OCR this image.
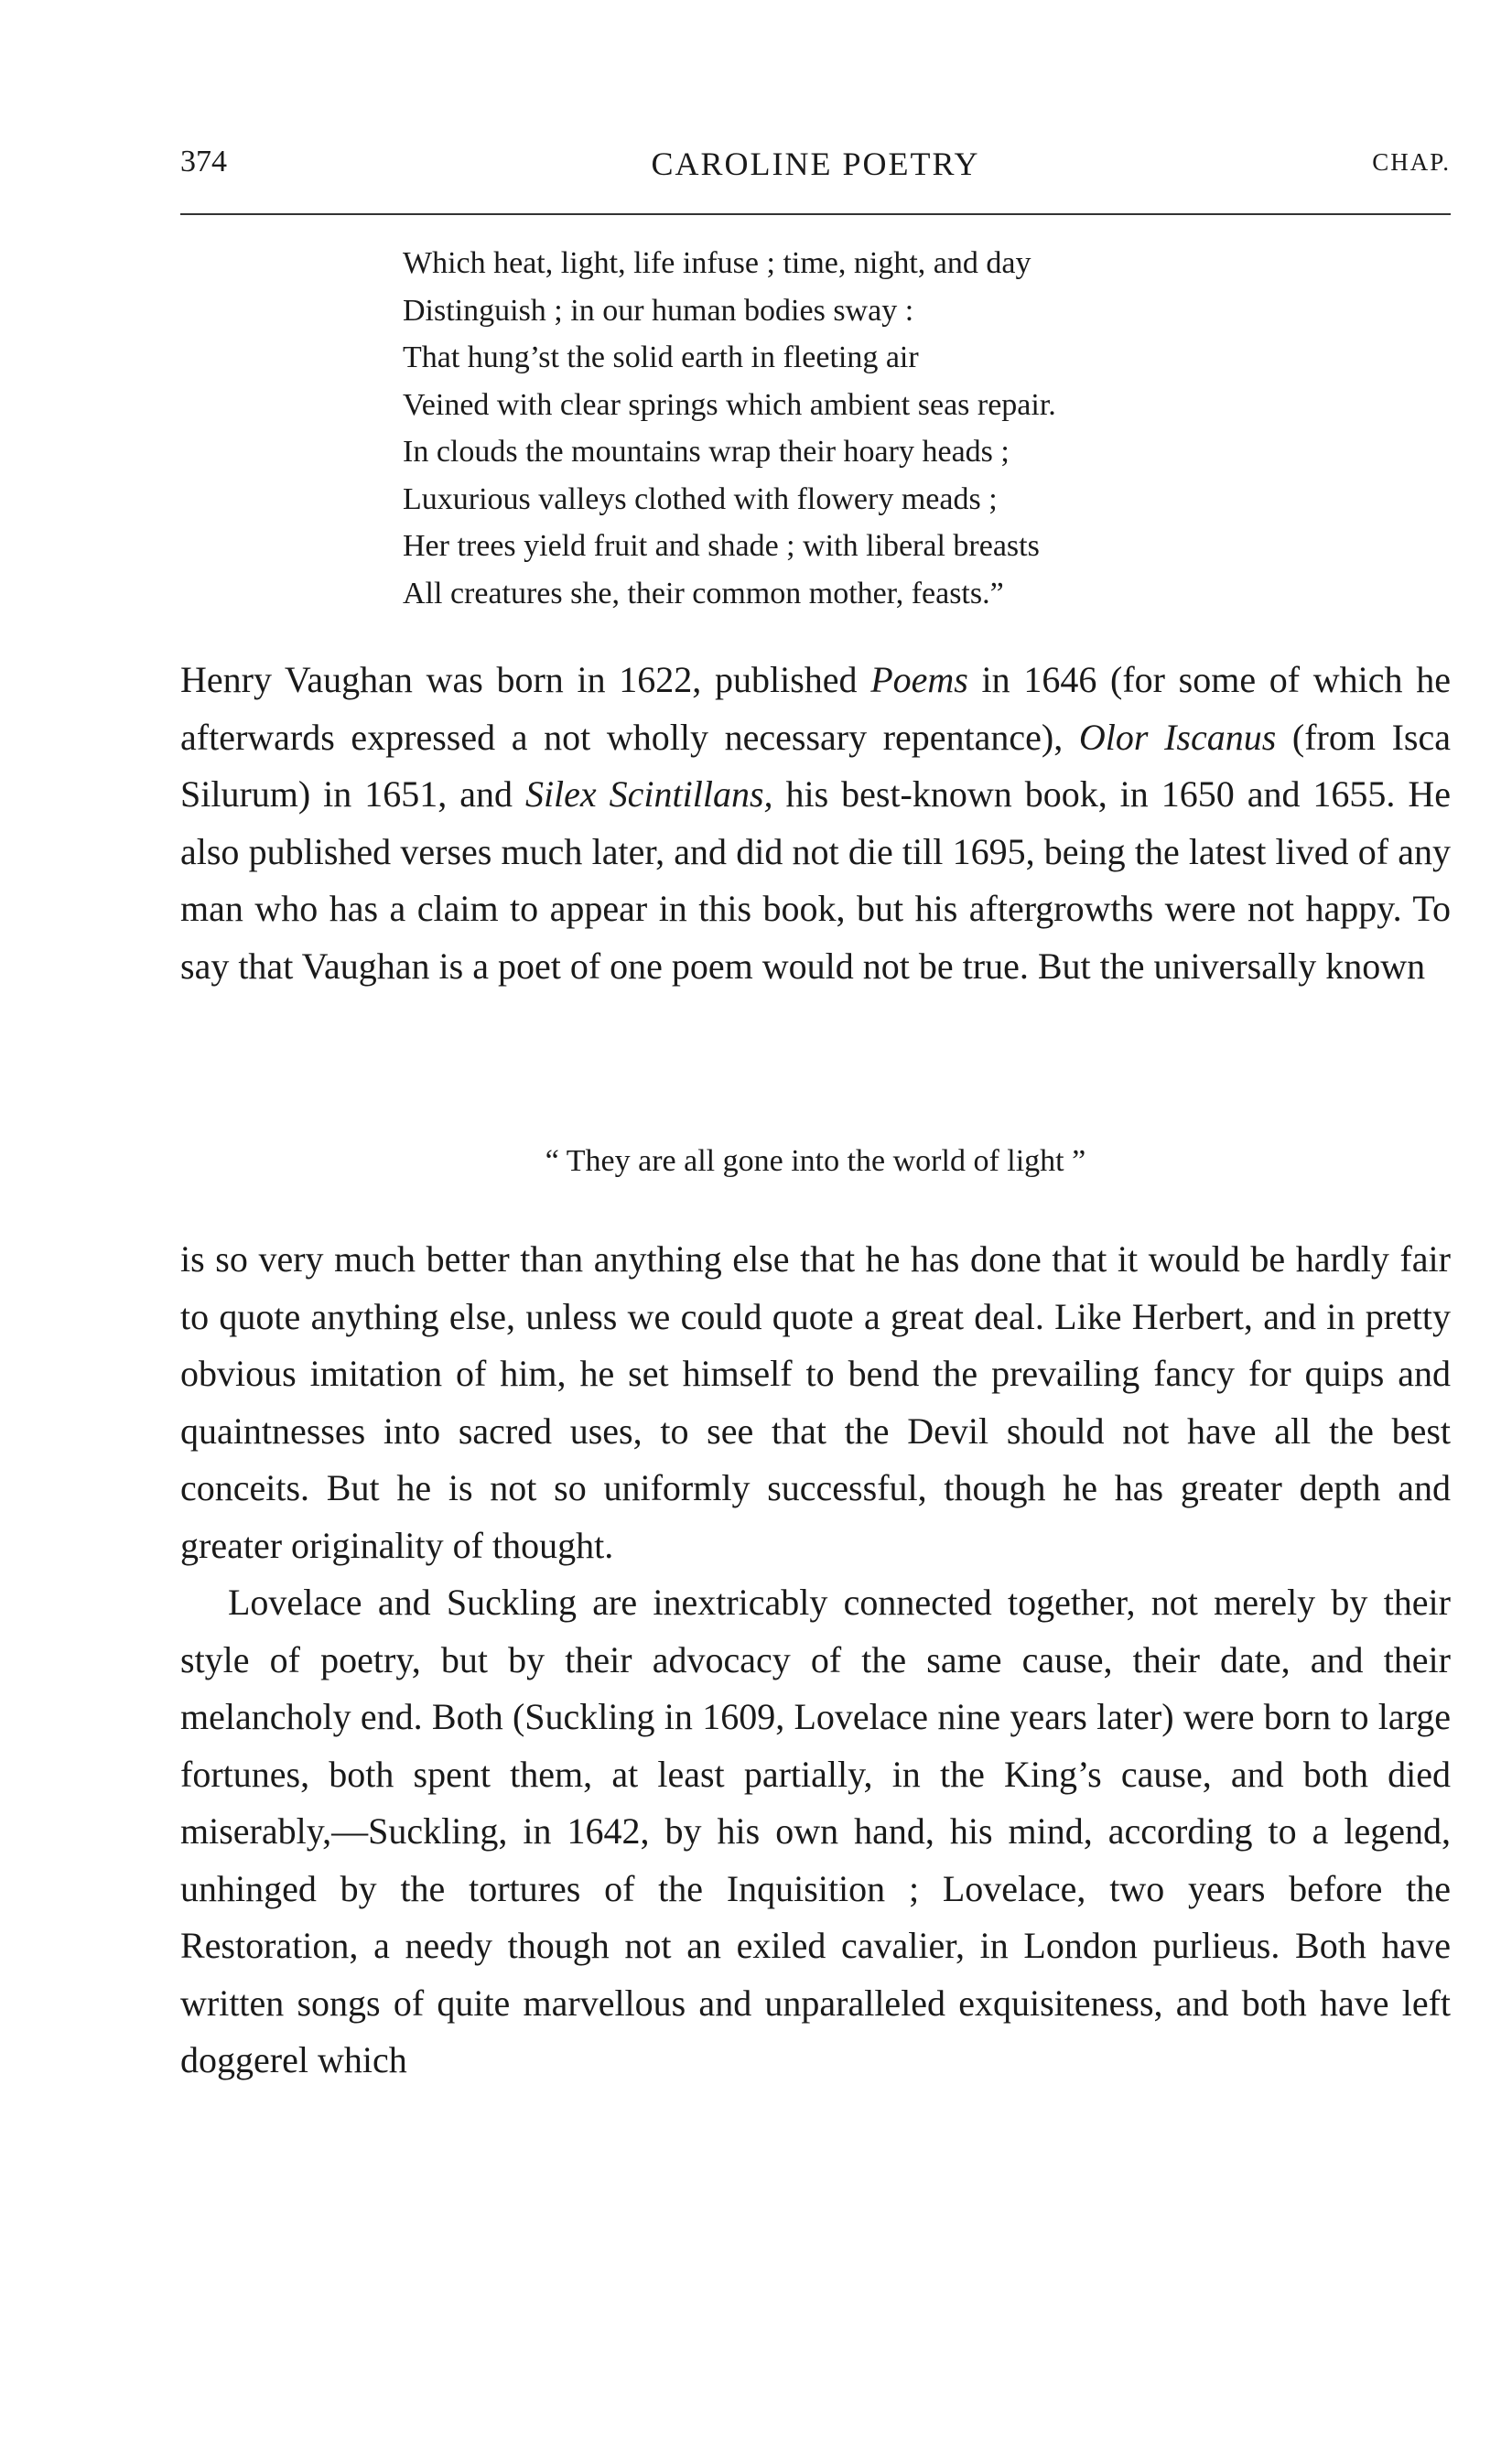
374	CAROLINE POETRY	CHAP.
Which heat, light, life infuse ; time, night, and day
Distinguish ; in our human bodies sway :
That hung’st the solid earth in fleeting air
Veined with clear springs which ambient seas repair.
In clouds the mountains wrap their hoary heads ;
Luxurious valleys clothed with flowery meads ;
Her trees yield fruit and shade ; with liberal breasts
All creatures she, their common mother, feasts.”

Henry Vaughan was born in 1622, published Poems in 1646 (for some of which he afterwards expressed a not wholly necessary repentance), Olor Iscanus (from Isca Silurum) in 1651, and Silex Scintillans, his best-known book, in 1650 and 1655. He also published verses much later, and did not die till 1695, being the latest lived of any man who has a claim to appear in this book, but his aftergrowths were not happy. To say that Vaughan is a poet of one poem would not be true. But the universally known

“ They are all gone into the world of light ”

is so very much better than anything else that he has done that it would be hardly fair to quote anything else, unless we could quote a great deal. Like Herbert, and in pretty obvious imitation of him, he set himself to bend the prevailing fancy for quips and quaintnesses into sacred uses, to see that the Devil should not have all the best conceits. But he is not so uniformly successful, though he has greater depth and greater originality of thought.

Lovelace and Suckling are inextricably connected together, not merely by their style of poetry, but by their advocacy of the same cause, their date, and their melancholy end. Both (Suckling in 1609, Lovelace nine years later) were born to large fortunes, both spent them, at least partially, in the King’s cause, and both died miserably,—Suckling, in 1642, by his own hand, his mind, according to a legend, unhinged by the tortures of the Inquisition ; Lovelace, two years before the Restoration, a needy though not an exiled cavalier, in London purlieus. Both have written songs of quite marvellous and unparalleled exquisiteness, and both have left doggerel which
